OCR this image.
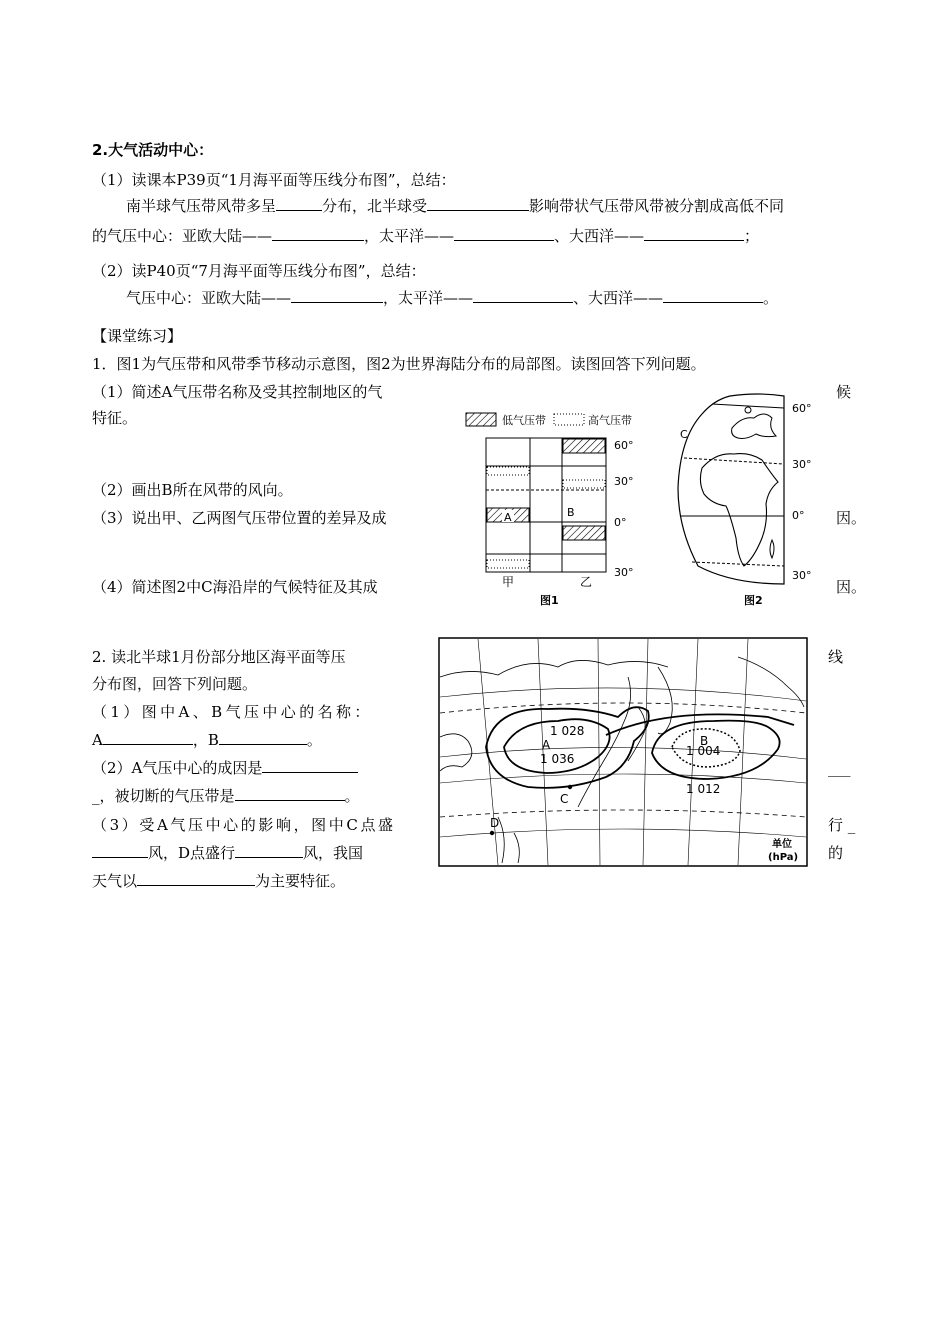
2.大气活动中心：
（1）读课本P39页“1月海平面等压线分布图”，总结：
南半球气压带风带多呈	分布，北半球受	影响带状气压带风带被分割成高低不同
的气压中心：亚欧大陆——	，太平洋——	、大西洋——	；
（2）读P40页“7月海平面等压线分布图”，总结：
气压中心：亚欧大陆——	，太平洋——	、大西洋——	。
【课堂练习】
1．图1为气压带和风带季节移动示意图，图2为世界海陆分布的局部图。读图回答下列问题。
（1）简述A气压带名称及受其控制地区的气	候
特征。
（2）画出B所在风带的风向。
（3）说出甲、乙两图气压带位置的差异及成	因。
（4）简述图2中C海沿岸的气候特征及其成	因。
低气压带	高气压带
A	B
60°
30°
0°
30°
甲	乙
图1
C
60°
30°
0°
30°
图2
2. 读北半球1月份部分地区海平面等压	线
分布图，回答下列问题。
（1）图中A、B气压中心的名称：
A	，B	。
（2）A气压中心的成因是	___
_，被切断的气压带是	。
（3）受A气压中心的影响，图中C点盛	行 _
风，D点盛行	风，我国	的
天气以	为主要特征。
1 028
1 036
1 004
1 012
A	B
C
D
单位
(hPa)
